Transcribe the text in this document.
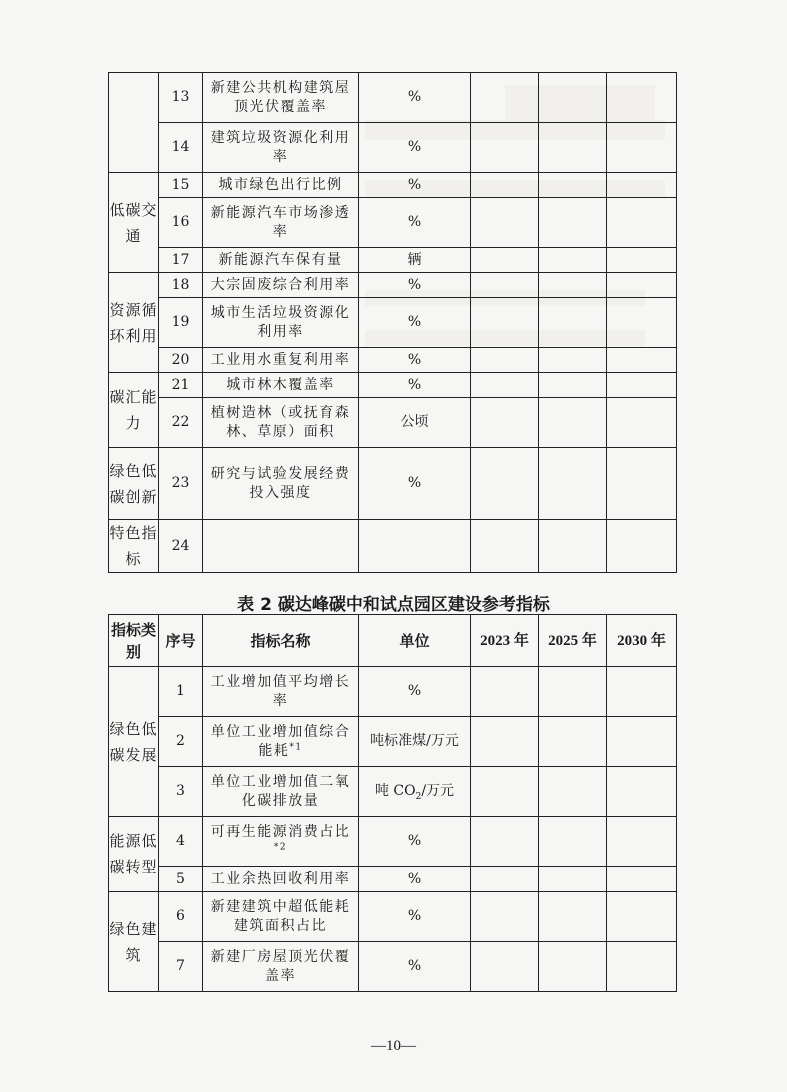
	13	新建公共机构建筑屋顶光伏覆盖率	%			
	14	建筑垃圾资源化利用率	%			
低碳交通	15	城市绿色出行比例	%			
	16	新能源汽车市场渗透率	%			
	17	新能源汽车保有量	辆			
资源循环利用	18	大宗固废综合利用率	%			
	19	城市生活垃圾资源化利用率	%			
	20	工业用水重复利用率	%			
碳汇能力	21	城市林木覆盖率	%			
	22	植树造林（或抚育森林、草原）面积	公顷			
绿色低碳创新	23	研究与试验发展经费投入强度	%			
特色指标	24					

表 2 碳达峰碳中和试点园区建设参考指标

指标类别	序号	指标名称	单位	2023 年	2025 年	2030 年
绿色低碳发展	1	工业增加值平均增长率	%			
	2	单位工业增加值综合能耗$^{*1}$	吨标准煤/万元			
	3	单位工业增加值二氧化碳排放量	吨 $CO_2/$万元			
能源低碳转型	4	可再生能源消费占比$^{*2}$	%			
	5	工业余热回收利用率	%			
绿色建筑	6	新建建筑中超低能耗建筑面积占比	%			
	7	新建厂房屋顶光伏覆盖率	%			

—10—
